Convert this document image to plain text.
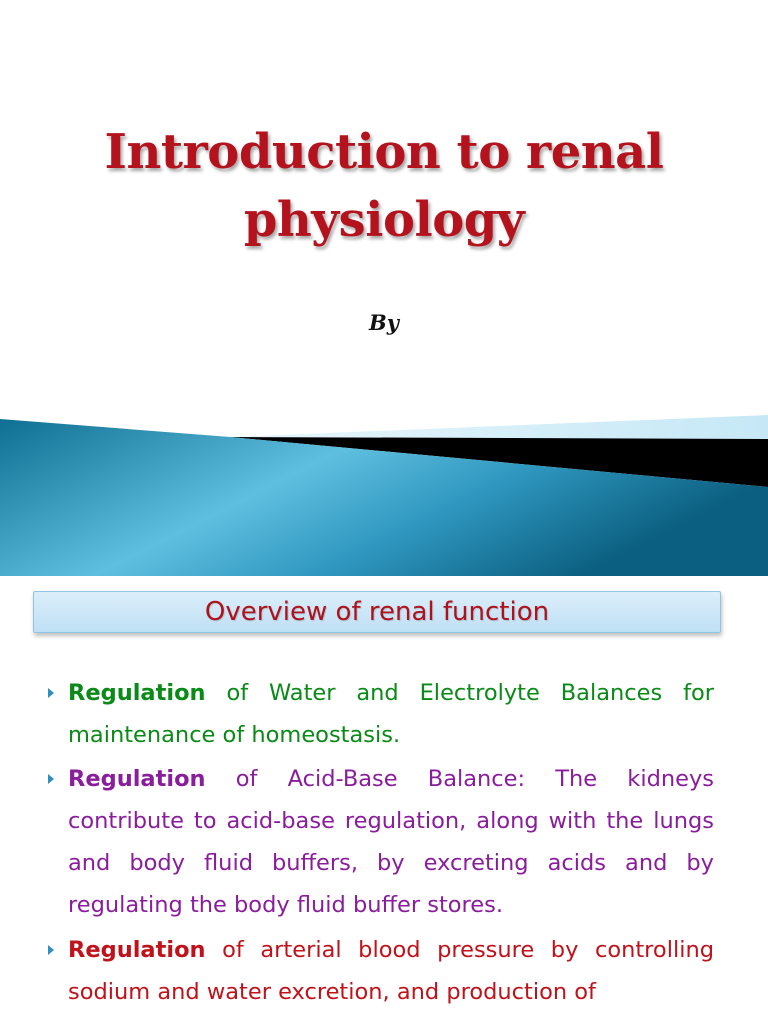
Introduction to renal
physiology
By
Overview of renal function
Regulation of Water and Electrolyte Balances for maintenance of homeostasis.
Regulation of Acid-Base Balance: The kidneys contribute to acid-base regulation, along with the lungs and body fluid buffers, by excreting acids and by regulating the body fluid buffer stores.
Regulation of arterial blood pressure by controlling sodium and water excretion, and production of
